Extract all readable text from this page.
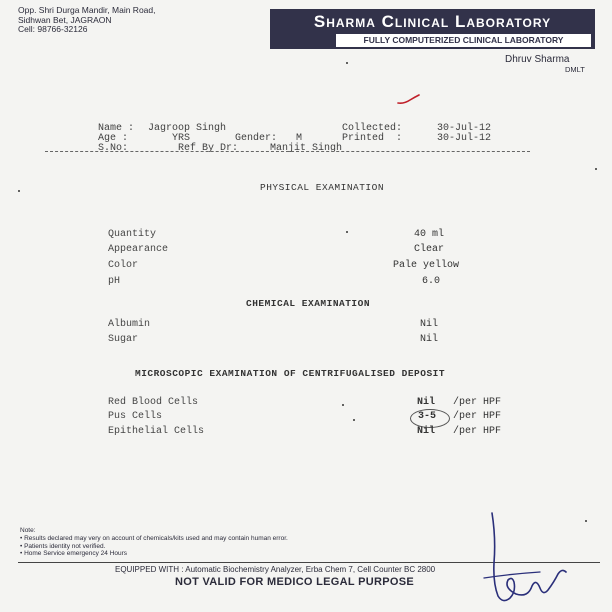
Opp. Shri Durga Mandir, Main Road,
Sidhwan Bet, JAGRAON
Cell: 98766-32126	Sharma Clinical Laboratory
FULLY COMPUTERIZED CLINICAL LABORATORY
Dhruv Sharma
DMLT
Name : Jagroop Singh	Collected:	30-Jul-12
Age :	YRS	Gender: M	Printed  :	30-Jul-12
S.No:	Ref By Dr:	Manjit Singh
PHYSICAL EXAMINATION
Quantity	40 ml
Appearance	Clear
Color	Pale yellow
pH	6.0
CHEMICAL EXAMINATION
Albumin	Nil
Sugar	Nil
MICROSCOPIC EXAMINATION OF CENTRIFUGALISED DEPOSIT
Red Blood Cells	Nil /per HPF
Pus Cells	3-5 /per HPF
Epithelial Cells	Nil /per HPF
Note:
• Results declared may very on account of chemicals/kits used and may contain human error.
• Patients identity not verified.
• Home Service emergency 24 Hours
EQUIPPED WITH : Automatic Biochemistry Analyzer, Erba Chem 7, Cell Counter BC 2800
NOT VALID FOR MEDICO LEGAL PURPOSE
